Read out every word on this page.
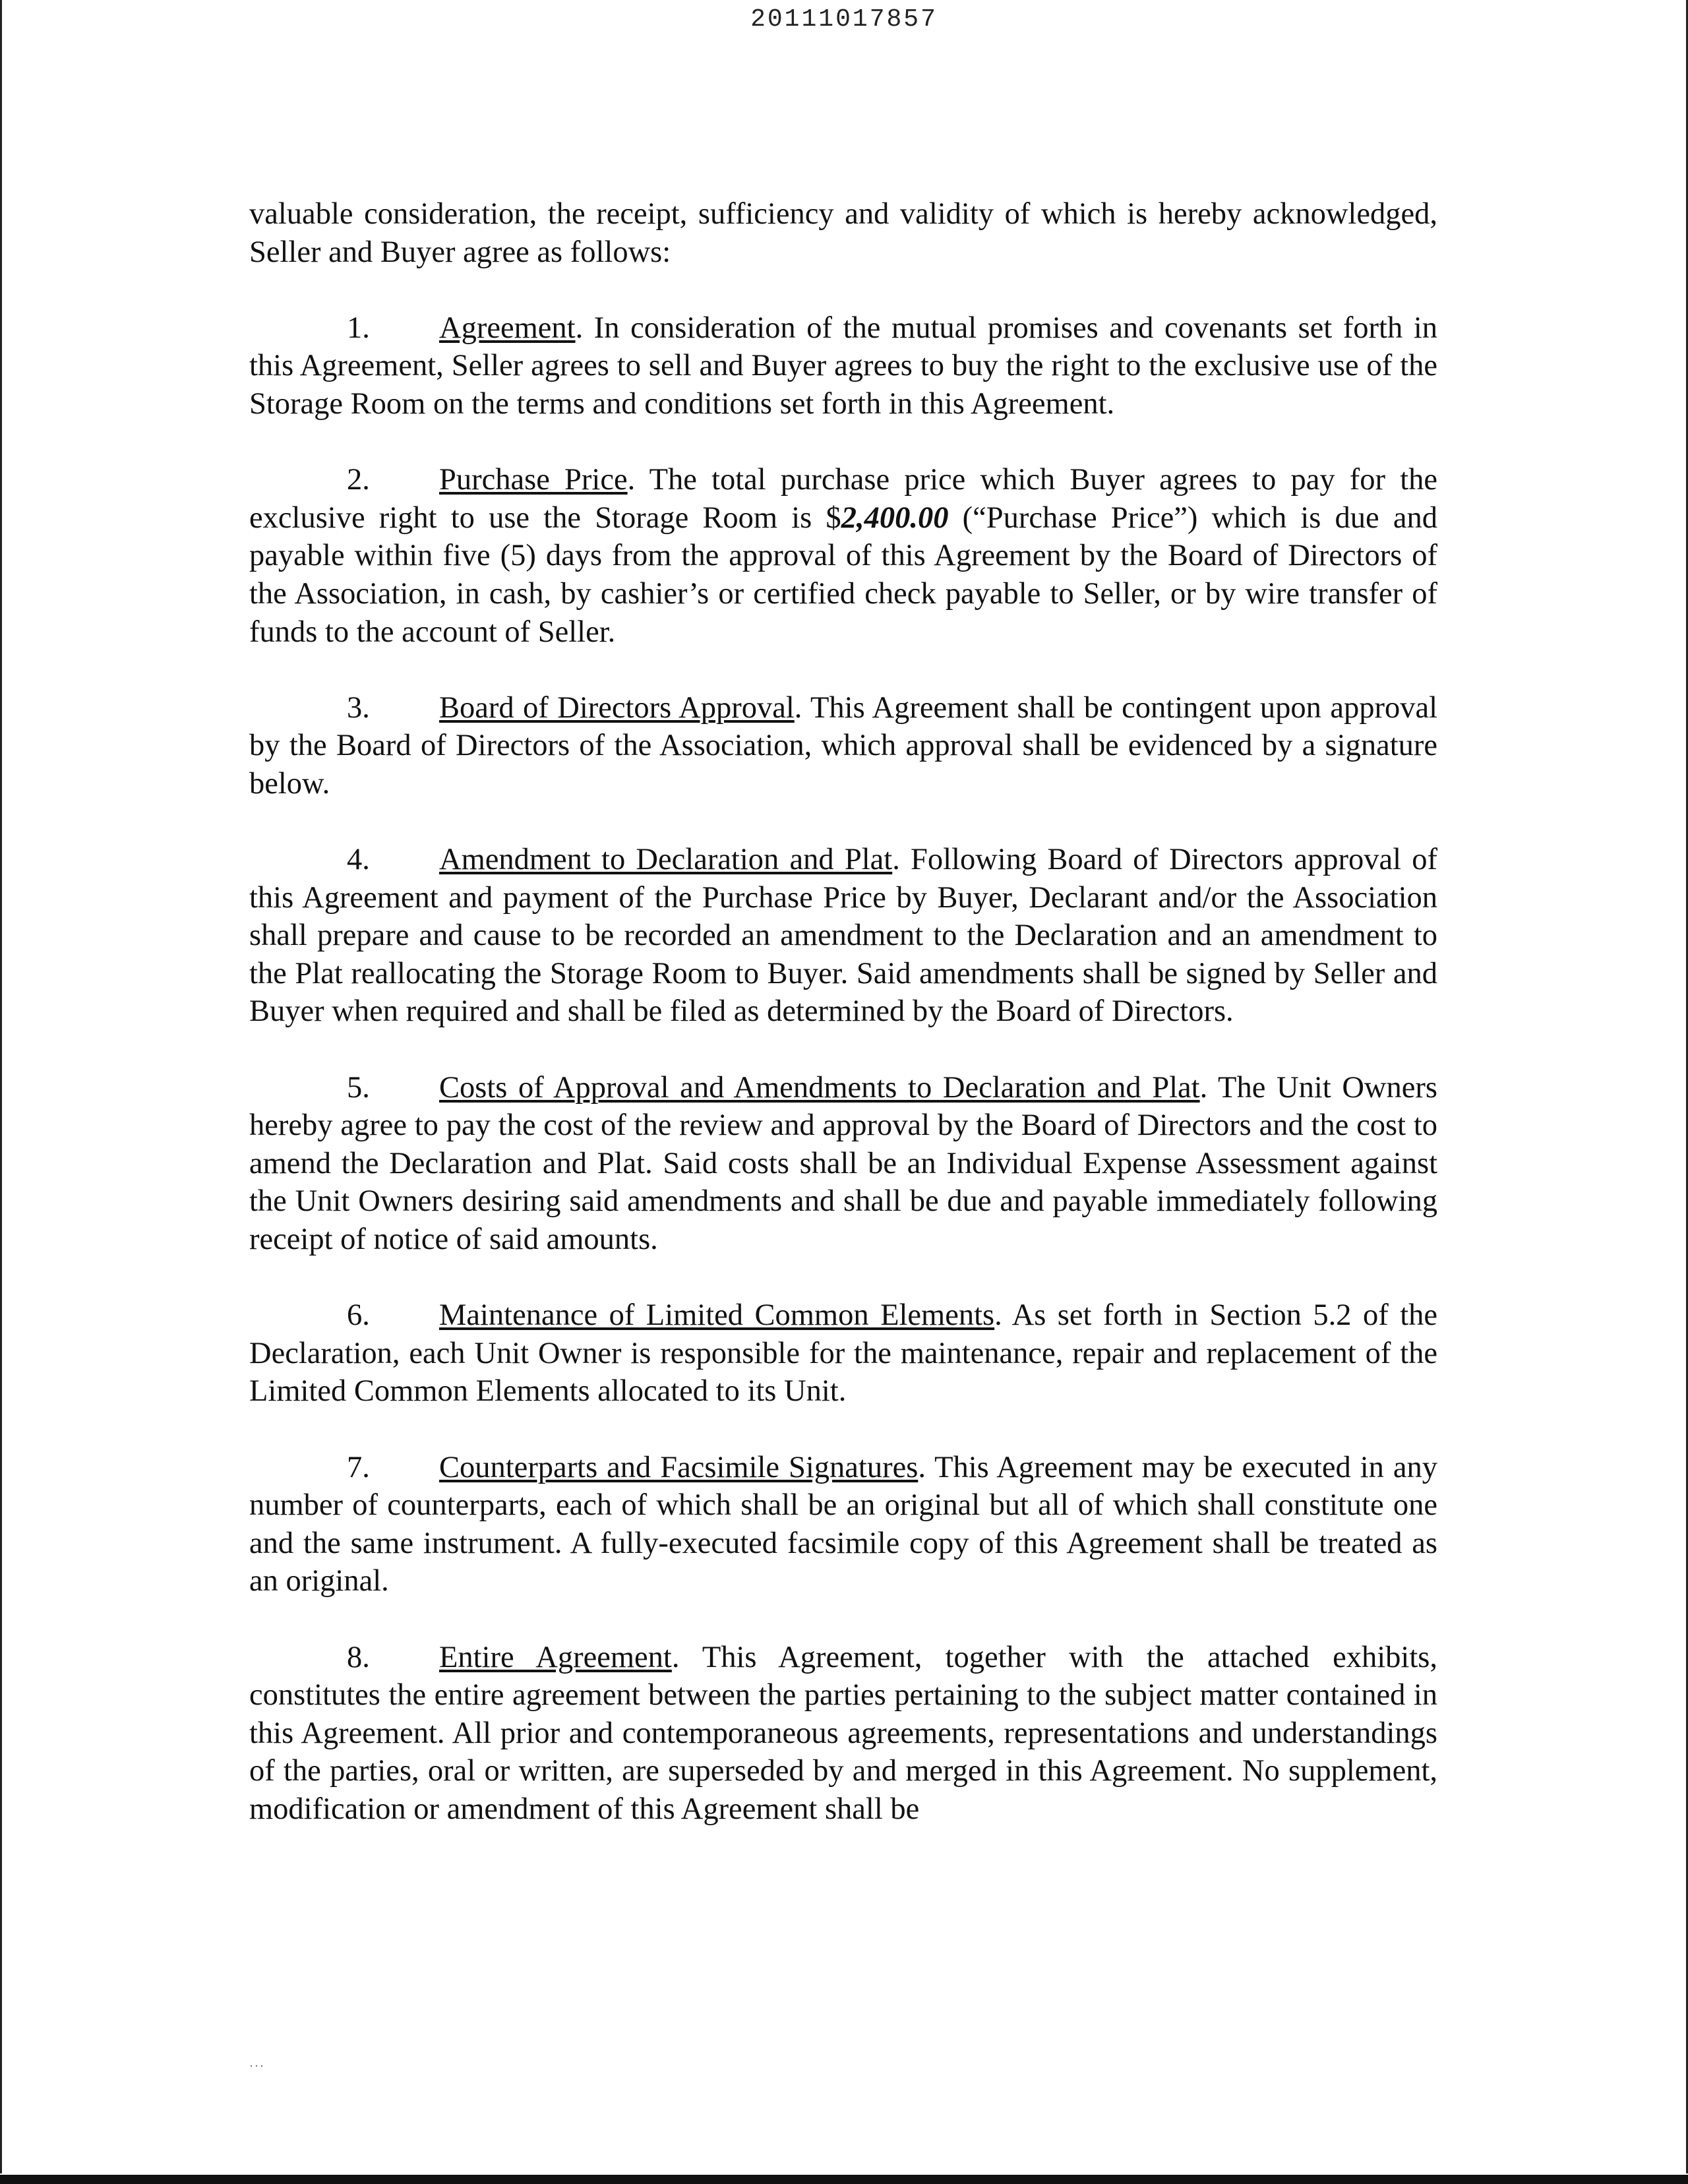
20111017857

valuable consideration, the receipt, sufficiency and validity of which is hereby acknowledged, Seller and Buyer agree as follows:

1. Agreement. In consideration of the mutual promises and covenants set forth in this Agreement, Seller agrees to sell and Buyer agrees to buy the right to the exclusive use of the Storage Room on the terms and conditions set forth in this Agreement.

2. Purchase Price. The total purchase price which Buyer agrees to pay for the exclusive right to use the Storage Room is $2,400.00 (“Purchase Price”) which is due and payable within five (5) days from the approval of this Agreement by the Board of Directors of the Association, in cash, by cashier’s or certified check payable to Seller, or by wire transfer of funds to the account of Seller.

3. Board of Directors Approval. This Agreement shall be contingent upon approval by the Board of Directors of the Association, which approval shall be evidenced by a signature below.

4. Amendment to Declaration and Plat. Following Board of Directors approval of this Agreement and payment of the Purchase Price by Buyer, Declarant and/or the Association shall prepare and cause to be recorded an amendment to the Declaration and an amendment to the Plat reallocating the Storage Room to Buyer. Said amendments shall be signed by Seller and Buyer when required and shall be filed as determined by the Board of Directors.

5. Costs of Approval and Amendments to Declaration and Plat. The Unit Owners hereby agree to pay the cost of the review and approval by the Board of Directors and the cost to amend the Declaration and Plat. Said costs shall be an Individual Expense Assessment against the Unit Owners desiring said amendments and shall be due and payable immediately following receipt of notice of said amounts.

6. Maintenance of Limited Common Elements. As set forth in Section 5.2 of the Declaration, each Unit Owner is responsible for the maintenance, repair and replacement of the Limited Common Elements allocated to its Unit.

7. Counterparts and Facsimile Signatures. This Agreement may be executed in any number of counterparts, each of which shall be an original but all of which shall constitute one and the same instrument. A fully-executed facsimile copy of this Agreement shall be treated as an original.

8. Entire Agreement. This Agreement, together with the attached exhibits, constitutes the entire agreement between the parties pertaining to the subject matter contained in this Agreement. All prior and contemporaneous agreements, representations and understandings of the parties, oral or written, are superseded by and merged in this Agreement. No supplement, modification or amendment of this Agreement shall be

···
